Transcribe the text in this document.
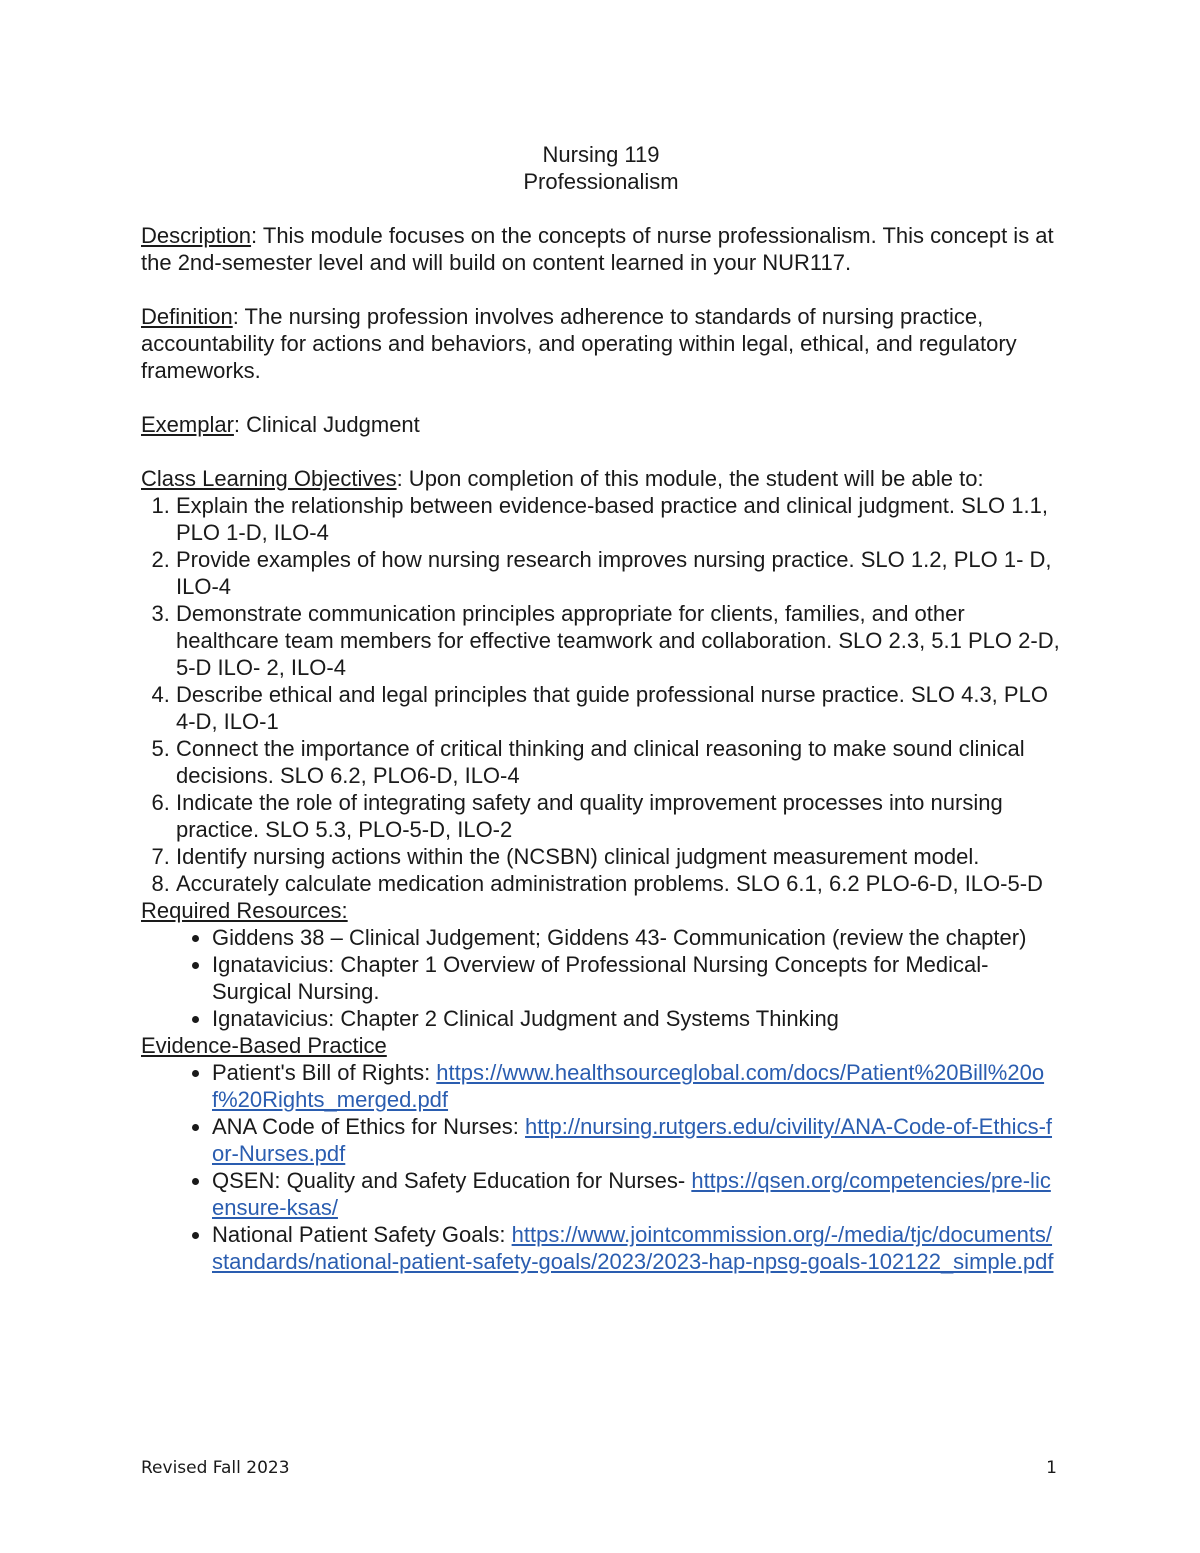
Nursing 119

Professionalism

Description: This module focuses on the concepts of nurse professionalism. This concept is at the 2nd-semester level and will build on content learned in your NUR117.

Definition: The nursing profession involves adherence to standards of nursing practice, accountability for actions and behaviors, and operating within legal, ethical, and regulatory frameworks.

Exemplar: Clinical Judgment

Class Learning Objectives: Upon completion of this module, the student will be able to:

1. Explain the relationship between evidence-based practice and clinical judgment. SLO 1.1, PLO 1-D, ILO-4
2. Provide examples of how nursing research improves nursing practice. SLO 1.2, PLO 1- D, ILO-4
3. Demonstrate communication principles appropriate for clients, families, and other healthcare team members for effective teamwork and collaboration. SLO 2.3, 5.1 PLO 2-D, 5-D ILO- 2, ILO-4
4. Describe ethical and legal principles that guide professional nurse practice. SLO 4.3, PLO 4-D, ILO-1
5. Connect the importance of critical thinking and clinical reasoning to make sound clinical decisions. SLO 6.2, PLO6-D, ILO-4
6. Indicate the role of integrating safety and quality improvement processes into nursing practice. SLO 5.3, PLO-5-D, ILO-2
7. Identify nursing actions within the (NCSBN) clinical judgment measurement model.
8. Accurately calculate medication administration problems. SLO 6.1, 6.2 PLO-6-D, ILO-5-D

Required Resources:

• Giddens 38 – Clinical Judgement; Giddens 43- Communication (review the chapter)
• Ignatavicius: Chapter 1 Overview of Professional Nursing Concepts for Medical-Surgical Nursing.
• Ignatavicius: Chapter 2 Clinical Judgment and Systems Thinking

Evidence-Based Practice

• Patient's Bill of Rights: https://www.healthsourceglobal.com/docs/Patient%20Bill%20of%20Rights_merged.pdf
• ANA Code of Ethics for Nurses: http://nursing.rutgers.edu/civility/ANA-Code-of-Ethics-for-Nurses.pdf
• QSEN: Quality and Safety Education for Nurses- https://qsen.org/competencies/pre-licensure-ksas/
• National Patient Safety Goals: https://www.jointcommission.org/-/media/tjc/documents/standards/national-patient-safety-goals/2023/2023-hap-npsg-goals-102122_simple.pdf
Revised Fall 2023	1
